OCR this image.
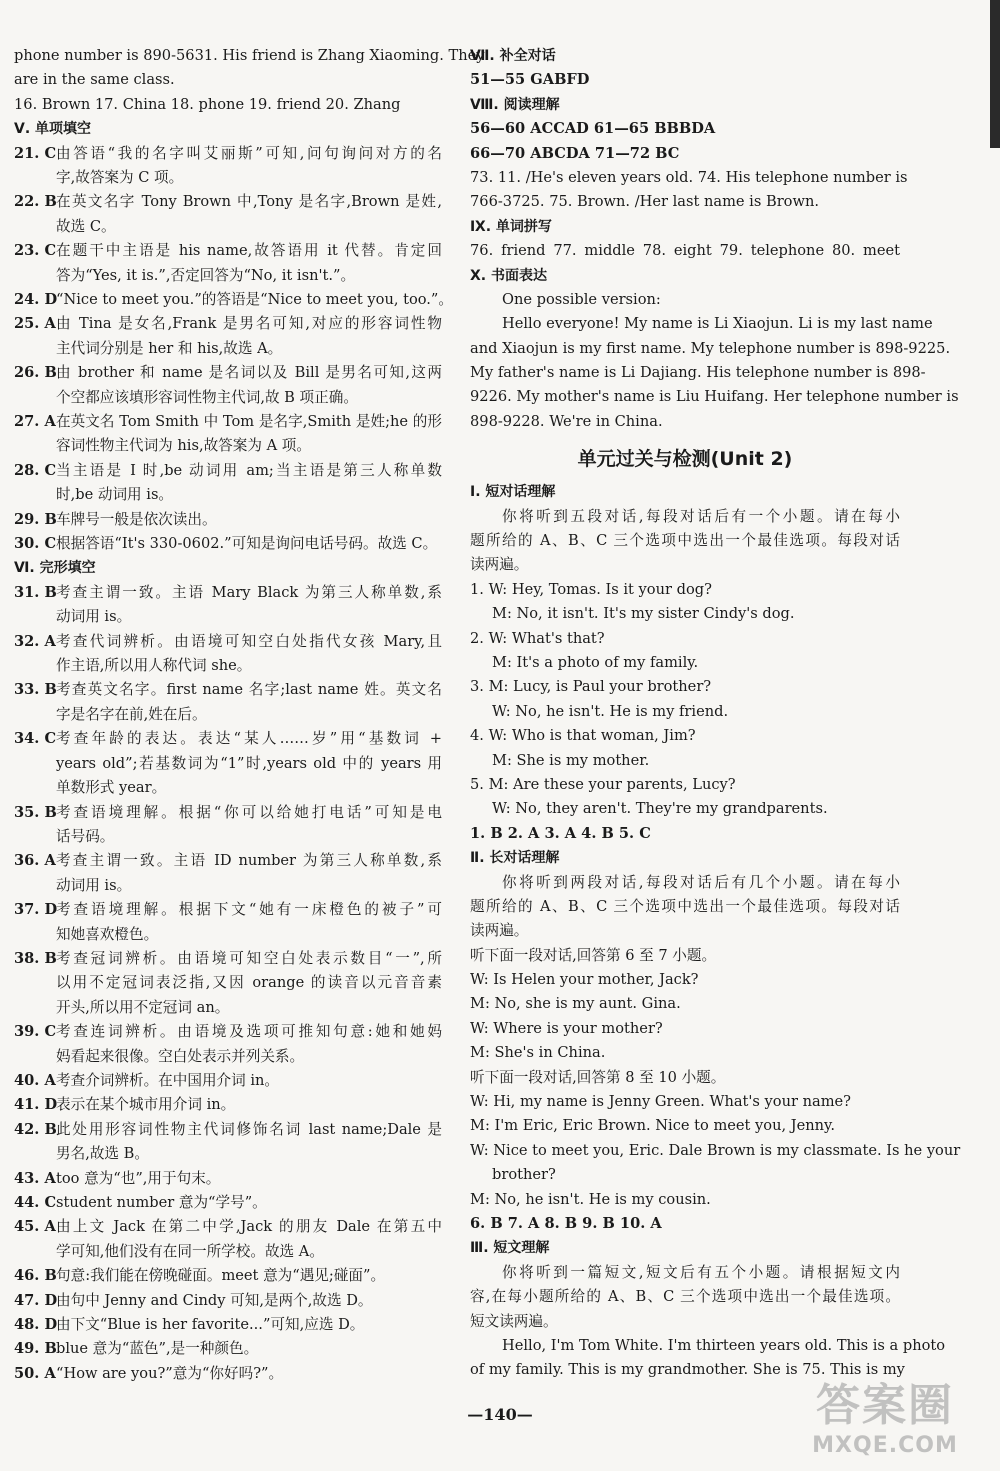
phone number is 890-5631. His friend is Zhang Xiaoming. They
are in the same class.
16. Brown 17. China 18. phone 19. friend 20. Zhang
Ⅴ. 单项填空
21. C 由答语“我的名字叫艾丽斯”可知,问句询问对方的名
字,故答案为 C 项。
22. B 在英文名字 Tony Brown 中,Tony 是名字,Brown 是姓,
故选 C。
23. C 在题干中主语是 his name,故答语用 it 代替。肯定回
答为“Yes, it is.”,否定回答为“No, it isn't.”。
24. D
“Nice to meet you.”的答语是“Nice to meet you, too.”。
25. A 由 Tina 是女名,Frank 是男名可知,对应的形容词性物
主代词分别是 her 和 his,故选 A。
26. B 由 brother 和 name 是名词以及 Bill 是男名可知,这两
个空都应该填形容词性物主代词,故 B 项正确。
27. A 在英文名 Tom Smith 中 Tom 是名字,Smith 是姓;he 的形
容词性物主代词为 his,故答案为 A 项。
28. C 当主语是 I 时,be 动词用 am;当主语是第三人称单数
时,be 动词用 is。
29. B 车牌号一般是依次读出。
30. C 根据答语“It's 330-0602.”可知是询问电话号码。故选 C。
Ⅵ. 完形填空
31. B 考查主谓一致。主语 Mary Black 为第三人称单数,系
动词用 is。
32. A 考查代词辨析。由语境可知空白处指代女孩 Mary,且
作主语,所以用人称代词 she。
33. B 考查英文名字。first name 名字;last name 姓。英文名
字是名字在前,姓在后。
34. C 考查年龄的表达。表达“某人……岁”用“基数词 +
years old”;若基数词为“1”时,years old 中的 years 用
单数形式 year。
35. B 考查语境理解。根据“你可以给她打电话”可知是电
话号码。
36. A 考查主谓一致。主语 ID number 为第三人称单数,系
动词用 is。
37. D
考查语境理解。根据下文“她有一床橙色的被子”可
知她喜欢橙色。
38. B 考查冠词辨析。由语境可知空白处表示数目“一”,所
以用不定冠词表泛指,又因 orange 的读音以元音音素
开头,所以用不定冠词 an。
39. C 考查连词辨析。由语境及选项可推知句意:她和她妈
妈看起来很像。空白处表示并列关系。
40. A 考查介词辨析。在中国用介词 in。
41. D
表示在某个城市用介词 in。
42. B 此处用形容词性物主代词修饰名词 last name;Dale 是
男名,故选 B。
43. A too 意为“也”,用于句末。
44. C student number 意为“学号”。
45. A 由上文 Jack 在第二中学,Jack 的朋友 Dale 在第五中
学可知,他们没有在同一所学校。故选 A。
46. B 句意:我们能在傍晚碰面。meet 意为“遇见;碰面”。
47. D
由句中 Jenny and Cindy 可知,是两个,故选 D。
48. D
由下文“Blue is her favorite...”可知,应选 D。
49. B blue 意为“蓝色”,是一种颜色。
50. A “How are you?”意为“你好吗?”。
Ⅶ. 补全对话
51—55 GABFD
Ⅷ. 阅读理解
56—60 ACCAD 61—65 BBBDA
66—70 ABCDA 71—72 BC
73. 11. /He's eleven years old. 74. His telephone number is
766-3725. 75. Brown. /Her last name is Brown.
Ⅸ. 单词拼写
76. friend 77. middle 78. eight 79. telephone 80. meet
Ⅹ. 书面表达
One possible version:
Hello everyone! My name is Li Xiaojun. Li is my last name
and Xiaojun is my first name. My telephone number is 898-9225.
My father's name is Li Dajiang. His telephone number is 898-
9226. My mother's name is Liu Huifang. Her telephone number is
898-9228. We're in China.
单元过关与检测(Unit 2)
Ⅰ. 短对话理解
你将听到五段对话,每段对话后有一个小题。请在每小
题所给的 A、B、C 三个选项中选出一个最佳选项。每段对话
读两遍。
1. W: Hey, Tomas. Is it your dog?
M: No, it isn't. It's my sister Cindy's dog.
2. W: What's that?
M: It's a photo of my family.
3. M: Lucy, is Paul your brother?
W: No, he isn't. He is my friend.
4. W: Who is that woman, Jim?
M: She is my mother.
5. M: Are these your parents, Lucy?
W: No, they aren't. They're my grandparents.
1. B 2. A 3. A 4. B 5. C
Ⅱ. 长对话理解
你将听到两段对话,每段对话后有几个小题。请在每小
题所给的 A、B、C 三个选项中选出一个最佳选项。每段对话
读两遍。
听下面一段对话,回答第 6 至 7 小题。
W: Is Helen your mother, Jack?
M: No, she is my aunt. Gina.
W: Where is your mother?
M: She's in China.
听下面一段对话,回答第 8 至 10 小题。
W: Hi, my name is Jenny Green. What's your name?
M: I'm Eric, Eric Brown. Nice to meet you, Jenny.
W: Nice to meet you, Eric. Dale Brown is my classmate. Is he your
brother?
M: No, he isn't. He is my cousin.
6. B 7. A 8. B 9. B 10. A
Ⅲ. 短文理解
你将听到一篇短文,短文后有五个小题。请根据短文内
容,在每小题所给的 A、B、C 三个选项中选出一个最佳选项。
短文读两遍。
Hello, I'm Tom White. I'm thirteen years old. This is a photo
of my family. This is my grandmother. She is 75. This is my
—140—	答案圈
MXQE.COM
